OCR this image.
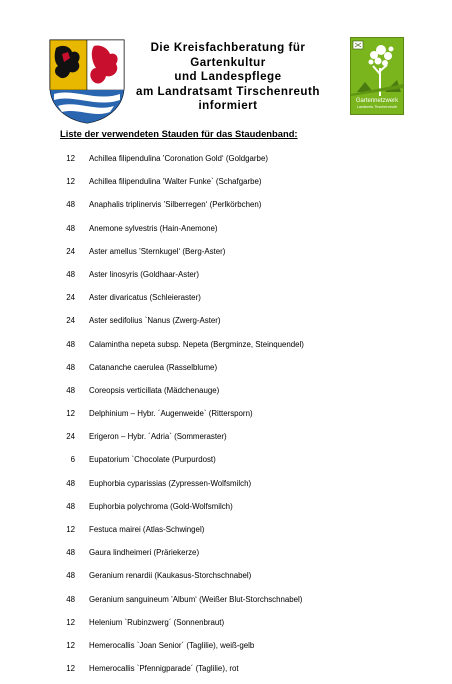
Die Kreisfachberatung für
Gartenkultur
und Landespflege
am Landratsamt Tirschenreuth
informiert	Gartennetzwerk
Landkreis Tirschenreuth
Liste der verwendeten Stauden für das Staudenband:
12 Achillea filipendulina ’Coronation Gold‘ (Goldgarbe)
12 Achillea filipendulina ’Walter Funke` (Schafgarbe)
48 Anaphalis triplinervis ’Silberregen‘ (Perlkörbchen)
48 Anemone sylvestris (Hain-Anemone)
24 Aster amellus ’Sternkugel‘ (Berg-Aster)
48 Aster linosyris (Goldhaar-Aster)
24 Aster divaricatus (Schleieraster)
24 Aster sedifolius `Nanus (Zwerg-Aster)
48 Calamintha nepeta subsp. Nepeta (Bergminze, Steinquendel)
48 Catananche caerulea (Rasselblume)
48 Coreopsis verticillata (Mädchenauge)
12 Delphinium – Hybr. ´Augenweide` (Rittersporn)
24 Erigeron – Hybr. ´Adria` (Sommeraster)
6 Eupatorium `Chocolate (Purpurdost)
48 Euphorbia cyparissias (Zypressen-Wolfsmilch)
48 Euphorbia polychroma (Gold-Wolfsmilch)
12 Festuca mairei (Atlas-Schwingel)
48 Gaura lindheimeri (Präriekerze)
48 Geranium renardii (Kaukasus-Storchschnabel)
48 Geranium sanguineum ’Album‘ (Weißer Blut-Storchschnabel)
12 Helenium `Rubinzwerg´ (Sonnenbraut)
12 Hemerocallis `Joan Senior´ (Taglilie), weiß-gelb
12 Hemerocallis `Pfennigparade´ (Taglilie), rot
